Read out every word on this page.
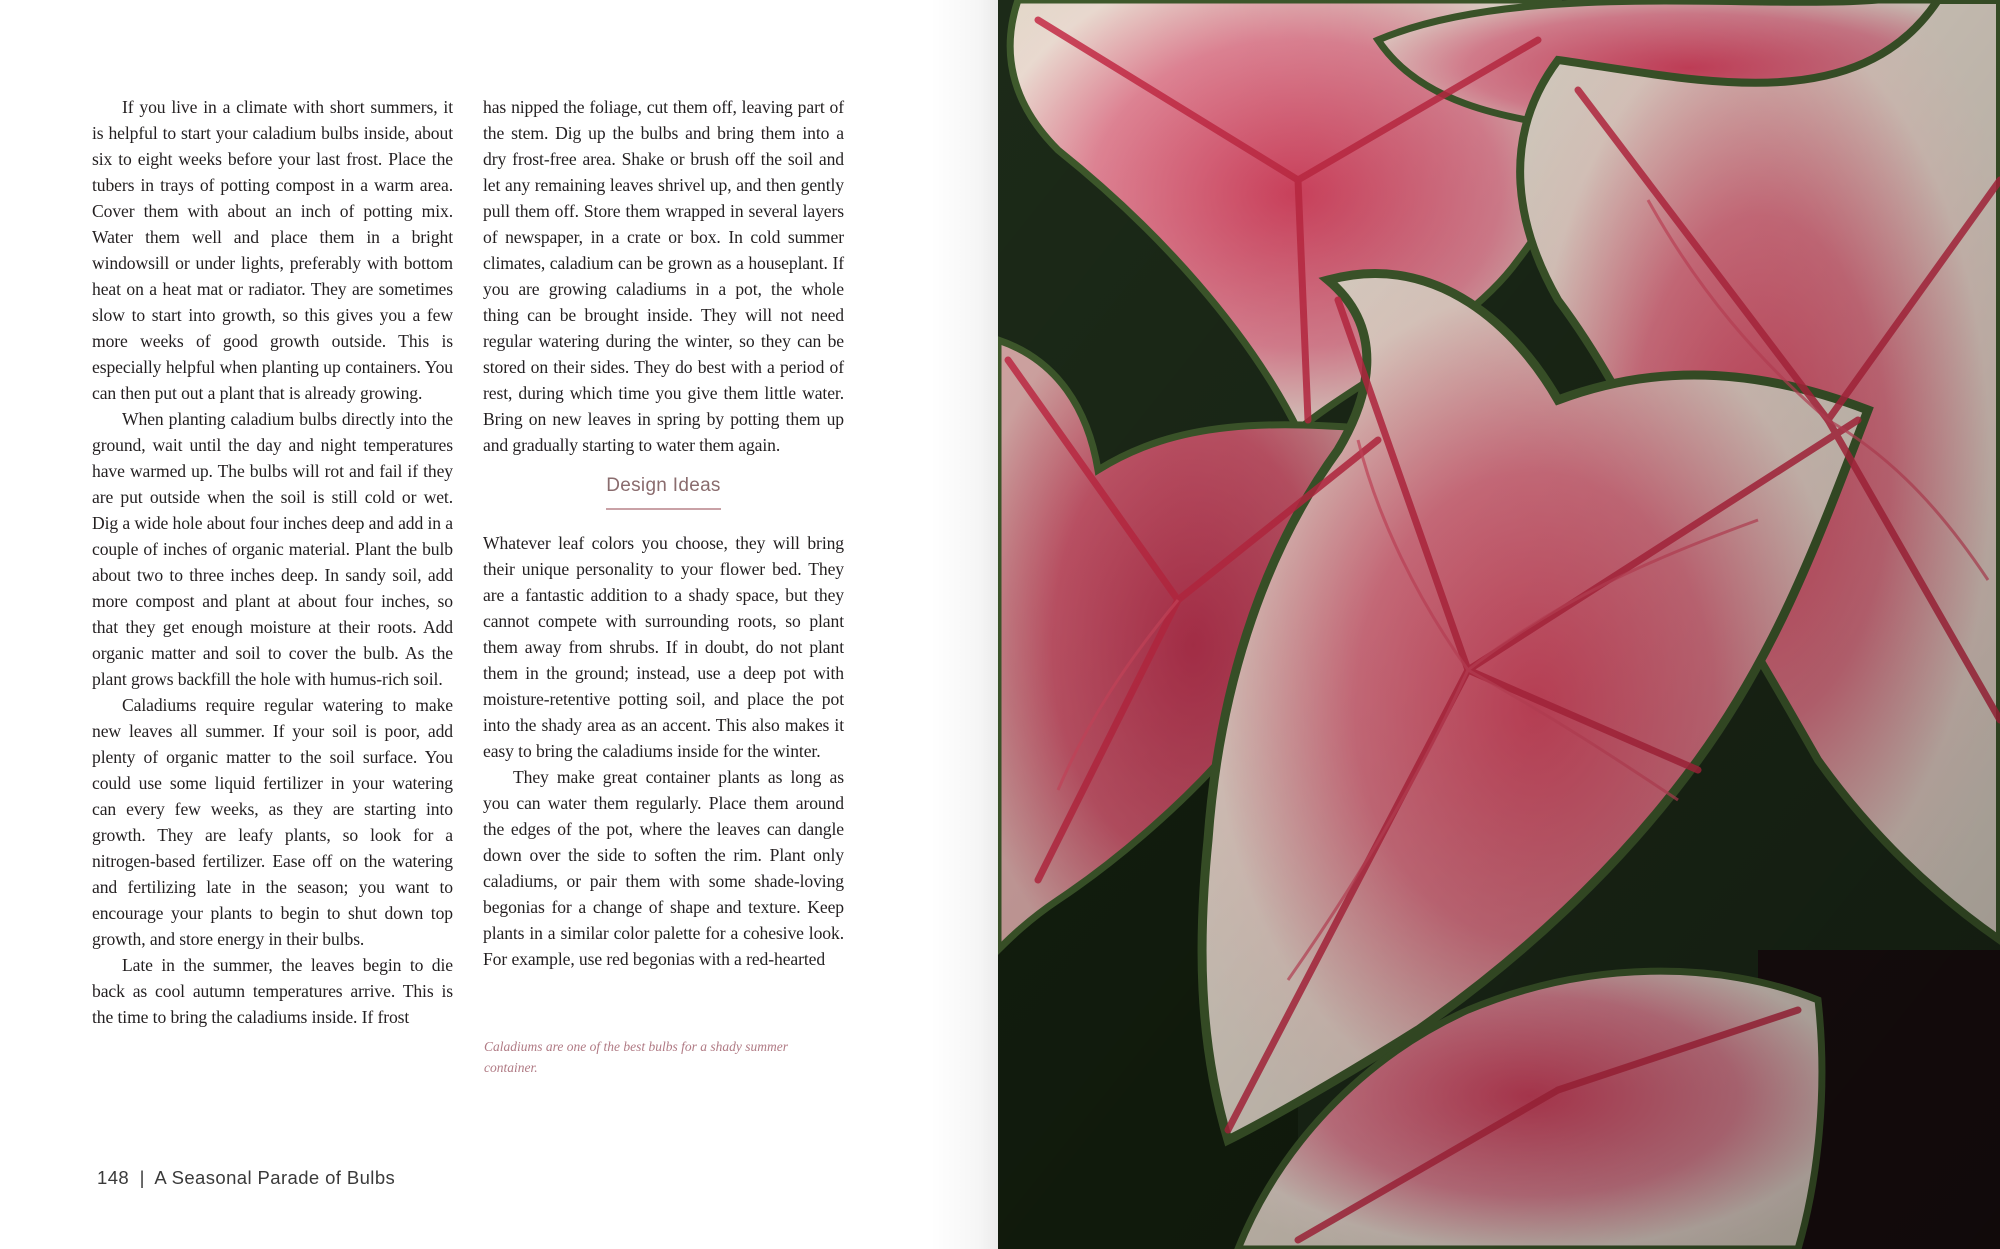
If you live in a climate with short summers, it is helpful to start your caladium bulbs inside, about six to eight weeks before your last frost. Place the tubers in trays of potting compost in a warm area. Cover them with about an inch of potting mix. Water them well and place them in a bright windowsill or under lights, preferably with bottom heat on a heat mat or radiator. They are sometimes slow to start into growth, so this gives you a few more weeks of good growth outside. This is especially helpful when planting up containers. You can then put out a plant that is already growing.

When planting caladium bulbs directly into the ground, wait until the day and night temperatures have warmed up. The bulbs will rot and fail if they are put outside when the soil is still cold or wet. Dig a wide hole about four inches deep and add in a couple of inches of organic material. Plant the bulb about two to three inches deep. In sandy soil, add more compost and plant at about four inches, so that they get enough moisture at their roots. Add organic matter and soil to cover the bulb. As the plant grows backfill the hole with humus-rich soil.

Caladiums require regular watering to make new leaves all summer. If your soil is poor, add plenty of organic matter to the soil surface. You could use some liquid fertilizer in your watering can every few weeks, as they are starting into growth. They are leafy plants, so look for a nitrogen-based fertilizer. Ease off on the watering and fertilizing late in the season; you want to encourage your plants to begin to shut down top growth, and store energy in their bulbs.

Late in the summer, the leaves begin to die back as cool autumn temperatures arrive. This is the time to bring the caladiums inside. If frost

has nipped the foliage, cut them off, leaving part of the stem. Dig up the bulbs and bring them into a dry frost-free area. Shake or brush off the soil and let any remaining leaves shrivel up, and then gently pull them off. Store them wrapped in several layers of newspaper, in a crate or box. In cold summer climates, caladium can be grown as a houseplant. If you are growing caladiums in a pot, the whole thing can be brought inside. They will not need regular watering during the winter, so they can be stored on their sides. They do best with a period of rest, during which time you give them little water. Bring on new leaves in spring by potting them up and gradually starting to water them again.

Design Ideas

Whatever leaf colors you choose, they will bring their unique personality to your flower bed. They are a fantastic addition to a shady space, but they cannot compete with surrounding roots, so plant them away from shrubs. If in doubt, do not plant them in the ground; instead, use a deep pot with moisture-retentive potting soil, and place the pot into the shady area as an accent. This also makes it easy to bring the caladiums inside for the winter.

They make great container plants as long as you can water them regularly. Place them around the edges of the pot, where the leaves can dangle down over the side to soften the rim. Plant only caladiums, or pair them with some shade-loving begonias for a change of shape and texture. Keep plants in a similar color palette for a cohesive look. For example, use red begonias with a red-hearted

Caladiums are one of the best bulbs for a shady summer container.
148 | A Seasonal Parade of Bulbs
